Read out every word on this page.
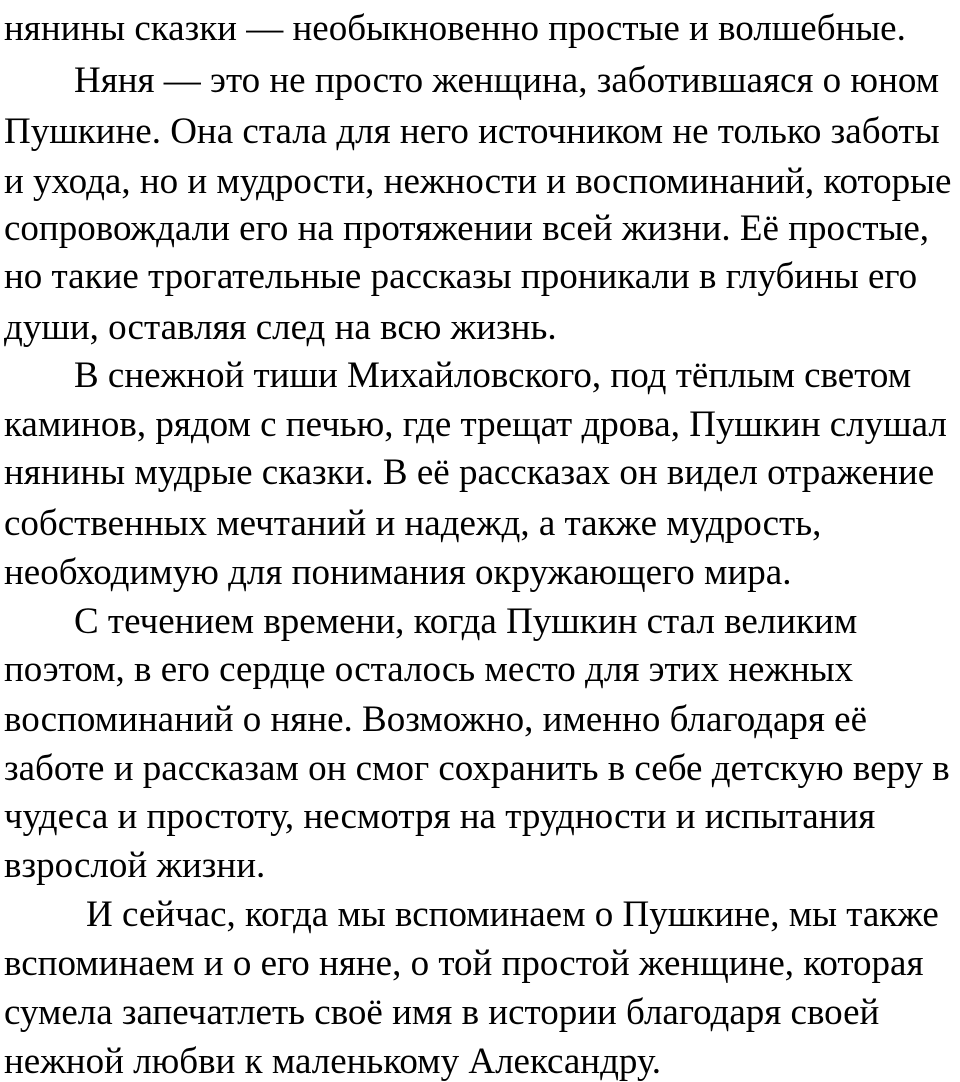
нянины сказки — необыкновенно простые и волшебные.
Няня — это не просто женщина, заботившаяся о юном
Пушкине. Она стала для него источником не только заботы
и ухода, но и мудрости, нежности и воспоминаний, которые
сопровождали его на протяжении всей жизни. Её простые,
но такие трогательные рассказы проникали в глубины его
души, оставляя след на всю жизнь.
В снежной тиши Михайловского, под тёплым светом
каминов, рядом с печью, где трещат дрова, Пушкин слушал
нянины мудрые сказки. В её рассказах он видел отражение
собственных мечтаний и надежд, а также мудрость,
необходимую для понимания окружающего мира.
С течением времени, когда Пушкин стал великим
поэтом, в его сердце осталось место для этих нежных
воспоминаний о няне. Возможно, именно благодаря её
заботе и рассказам он смог сохранить в себе детскую веру в
чудеса и простоту, несмотря на трудности и испытания
взрослой жизни.
И сейчас, когда мы вспоминаем о Пушкине, мы также
вспоминаем и о его няне, о той простой женщине, которая
сумела запечатлеть своё имя в истории благодаря своей
нежной любви к маленькому Александру.
